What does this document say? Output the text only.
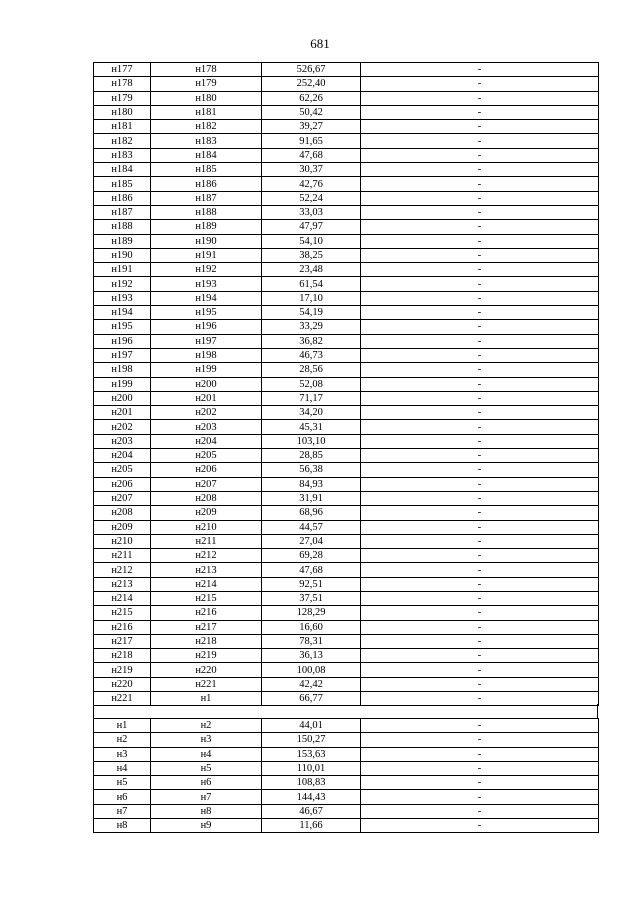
681
н177	н178	526,67	-
н178	н179	252,40	-
н179	н180	62,26	-
н180	н181	50,42	-
н181	н182	39,27	-
н182	н183	91,65	-
н183	н184	47,68	-
н184	н185	30,37	-
н185	н186	42,76	-
н186	н187	52,24	-
н187	н188	33,03	-
н188	н189	47,97	-
н189	н190	54,10	-
н190	н191	38,25	-
н191	н192	23,48	-
н192	н193	61,54	-
н193	н194	17,10	-
н194	н195	54,19	-
н195	н196	33,29	-
н196	н197	36,82	-
н197	н198	46,73	-
н198	н199	28,56	-
н199	н200	52,08	-
н200	н201	71,17	-
н201	н202	34,20	-
н202	н203	45,31	-
н203	н204	103,10	-
н204	н205	28,85	-
н205	н206	56,38	-
н206	н207	84,93	-
н207	н208	31,91	-
н208	н209	68,96	-
н209	н210	44,57	-
н210	н211	27,04	-
н211	н212	69,28	-
н212	н213	47,68	-
н213	н214	92,51	-
н214	н215	37,51	-
н215	н216	128,29	-
н216	н217	16,60	-
н217	н218	78,31	-
н218	н219	36,13	-
н219	н220	100,08	-
н220	н221	42,42	-
н221	н1	66,77	-
н1	н2	44,01	-
н2	н3	150,27	-
н3	н4	153,63	-
н4	н5	110,01	-
н5	н6	108,83	-
н6	н7	144,43	-
н7	н8	46,67	-
н8	н9	11,66	-
